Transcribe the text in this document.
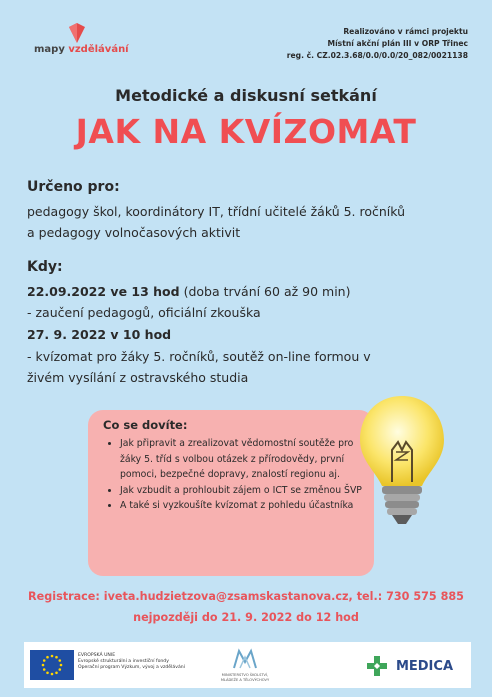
mapy vzdělávání
Realizováno v rámci projektu
Místní akční plán III v ORP Třinec
reg. č. CZ.02.3.68/0.0/0.0/20_082/0021138
Metodické a diskusní setkání
JAK NA KVÍZOMAT
Určeno pro:
pedagogy škol, koordinátory IT, třídní učitelé žáků 5. ročníků
a pedagogy volnočasových aktivit
Kdy:
22.09.2022 ve 13 hod (doba trvání 60 až 90 min)
- zaučení pedagogů, oficiální zkouška
27. 9. 2022 v 10 hod
- kvízomat pro žáky 5. ročníků, soutěž on-line formou v
živém vysílání z ostravského studia
Co se dovíte:
• Jak připravit a zrealizovat vědomostní soutěže pro žáky 5. tříd s volbou otázek z přírodovědy, první pomoci, bezpečné dopravy, znalostí regionu aj.
• Jak vzbudit a prohloubit zájem o ICT se změnou ŠVP
• A také si vyzkoušíte kvízomat z pohledu účastníka
Registrace: iveta.hudzietzova@zsamskastanova.cz, tel.: 730 575 885
nejpozději do 21. 9. 2022 do 12 hod
EVROPSKÁ UNIE
Evropské strukturální a investiční fondy
Operační program Výzkum, vývoj a vzdělávání
MINISTERSTVO ŠKOLSTVÍ,
MLÁDEŽE A TĚLOVÝCHOVY
MEDICA
